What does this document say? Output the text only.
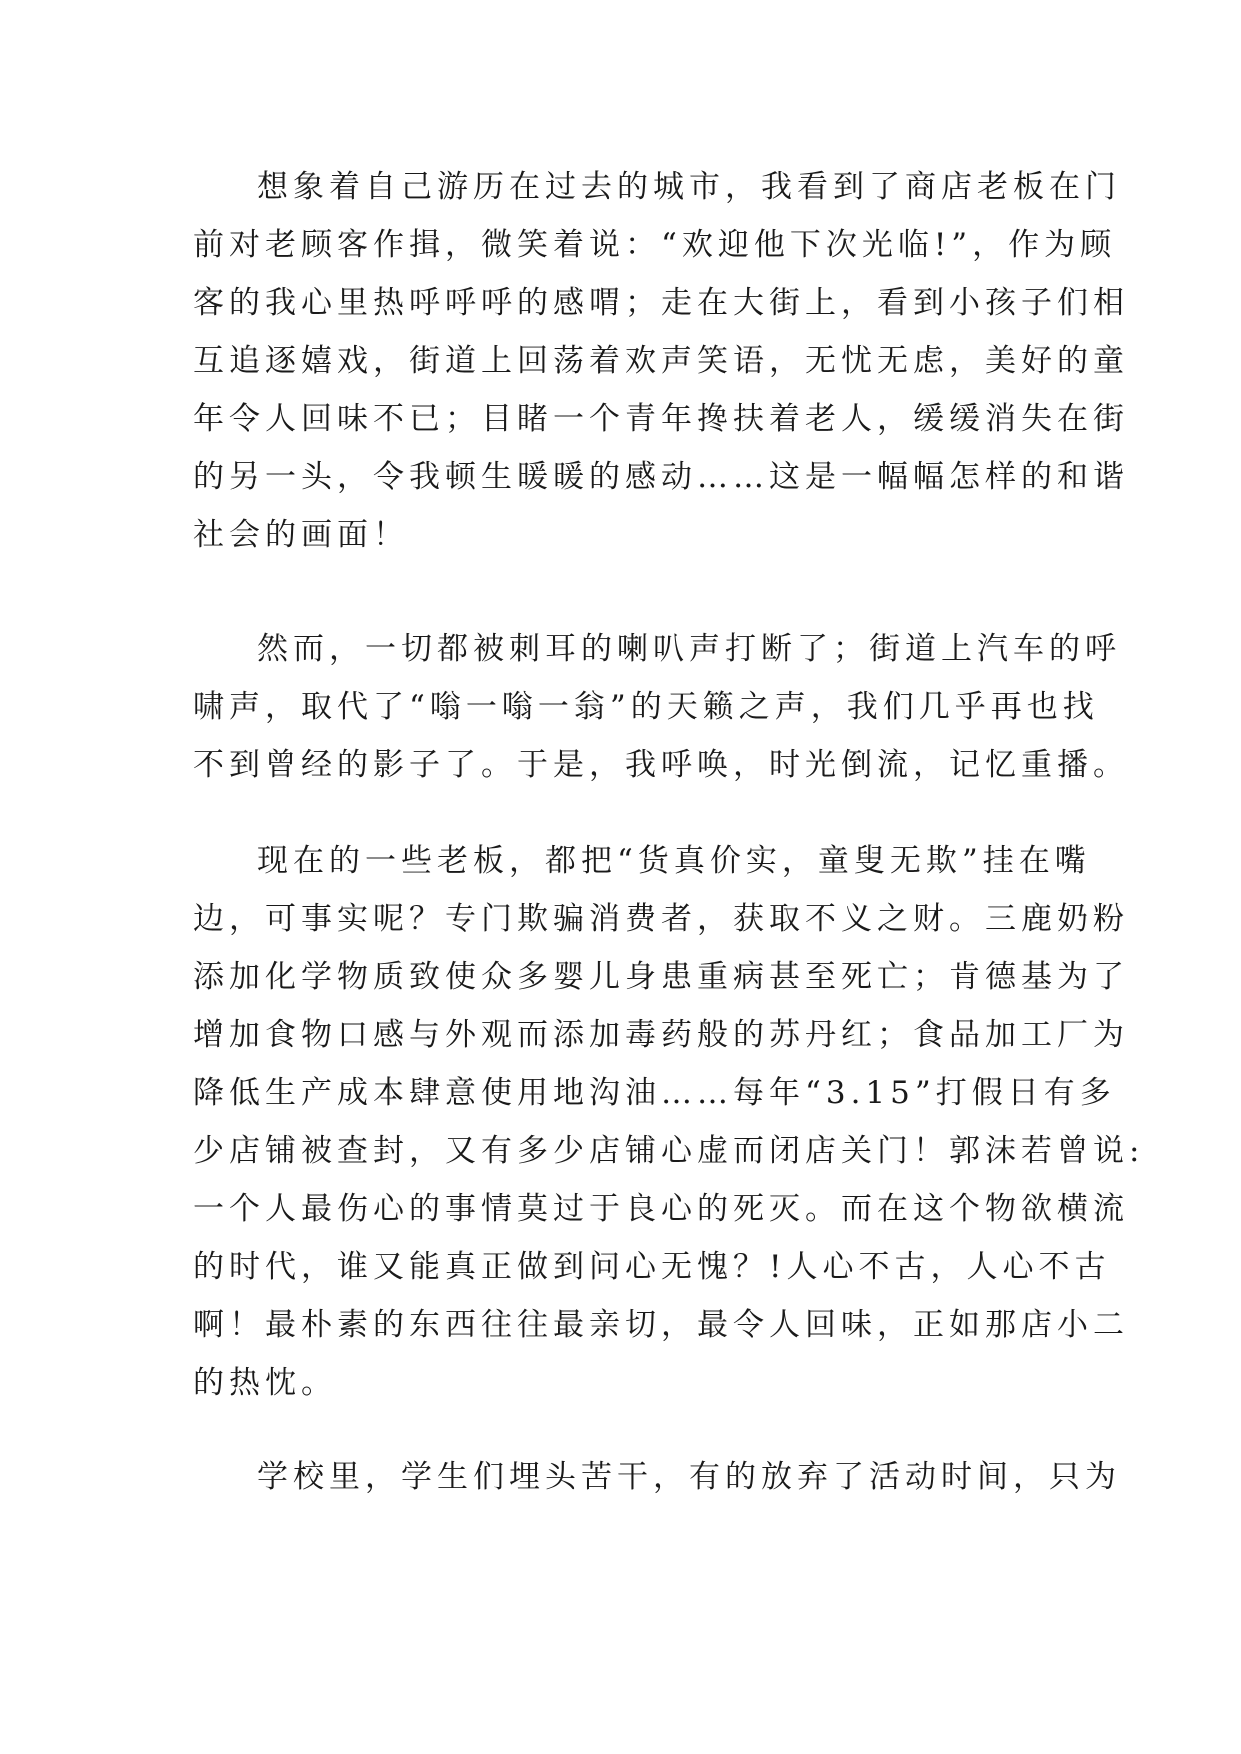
想象着自己游历在过去的城市，我看到了商店老板在门
前对老顾客作揖，微笑着说：“欢迎他下次光临!”，作为顾
客的我心里热呼呼呼的感喟；走在大街上，看到小孩子们相
互追逐嬉戏，街道上回荡着欢声笑语，无忧无虑，美好的童
年令人回味不已；目睹一个青年搀扶着老人，缓缓消失在街
的另一头，令我顿生暖暖的感动……这是一幅幅怎样的和谐
社会的画面！
然而，一切都被刺耳的喇叭声打断了；街道上汽车的呼
啸声，取代了“嗡一嗡一翁”的天籁之声，我们几乎再也找
不到曾经的影子了。于是，我呼唤，时光倒流，记忆重播。
现在的一些老板，都把“货真价实，童叟无欺”挂在嘴
边，可事实呢？专门欺骗消费者，获取不义之财。三鹿奶粉
添加化学物质致使众多婴儿身患重病甚至死亡；肯德基为了
增加食物口感与外观而添加毒药般的苏丹红；食品加工厂为
降低生产成本肆意使用地沟油……每年“3.15”打假日有多
少店铺被查封，又有多少店铺心虚而闭店关门！郭沫若曾说:
一个人最伤心的事情莫过于良心的死灭。而在这个物欲横流
的时代，谁又能真正做到问心无愧？!人心不古，人心不古
啊！最朴素的东西往往最亲切，最令人回味，正如那店小二
的热忱。
学校里，学生们埋头苦干，有的放弃了活动时间，只为
